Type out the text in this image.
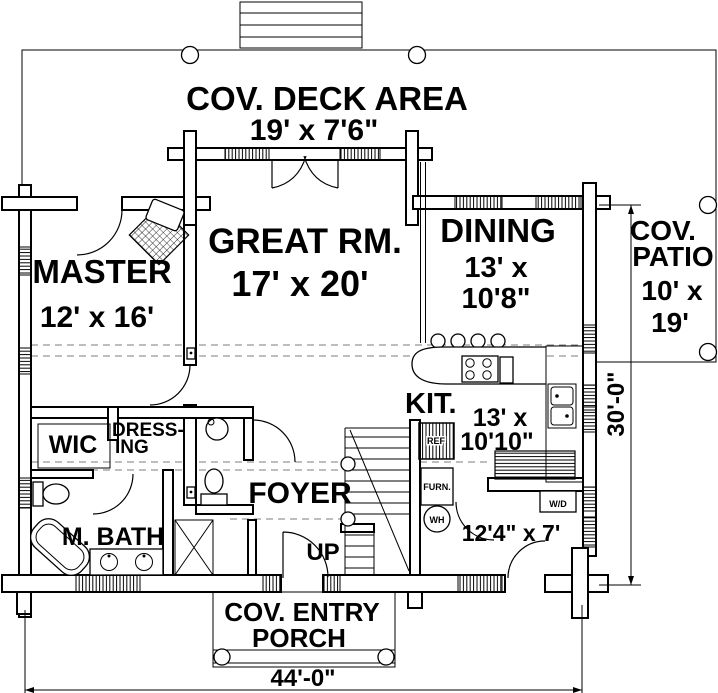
W/D
REF
FURN.
WH
COV. DECK AREA
19' x 7'6"
MASTER
12' x 16'
GREAT RM.
17' x 20'
DINING
13' x
10'8"
COV.
PATIO
10' x
19'
KIT. 13' x
10'10"
WIC
DRESS-
ING
M. BATH
FOYER
UP
12'4" x 7'
COV. ENTRY
PORCH
44'-0"
30'-0"
